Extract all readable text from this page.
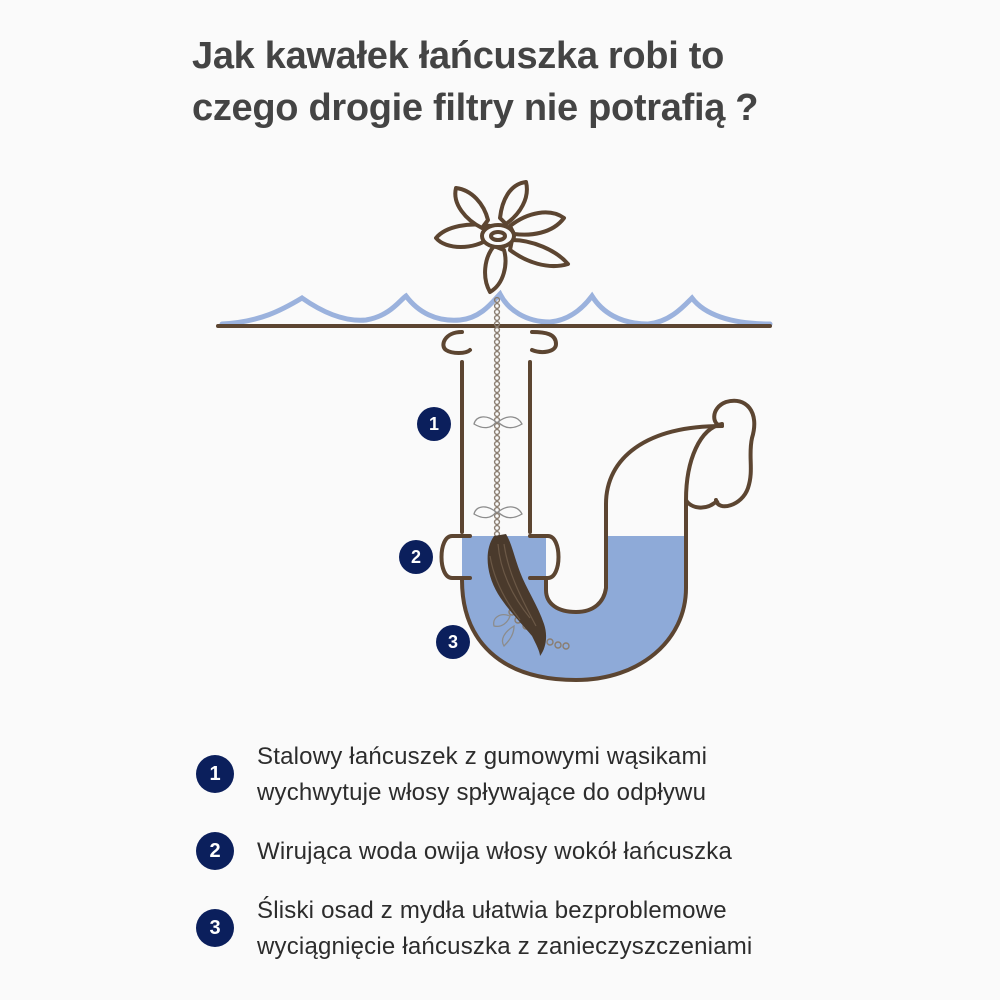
Jak kawałek łańcuszka robi to
czego drogie filtry nie potrafią ?
1
2
3
1
Stalowy łańcuszek z gumowymi wąsikami
wychwytuje włosy spływające do odpływu
2	Wirująca woda owija włosy wokół łańcuszka
3
Śliski osad z mydła ułatwia bezproblemowe
wyciągnięcie łańcuszka z zanieczyszczeniami
